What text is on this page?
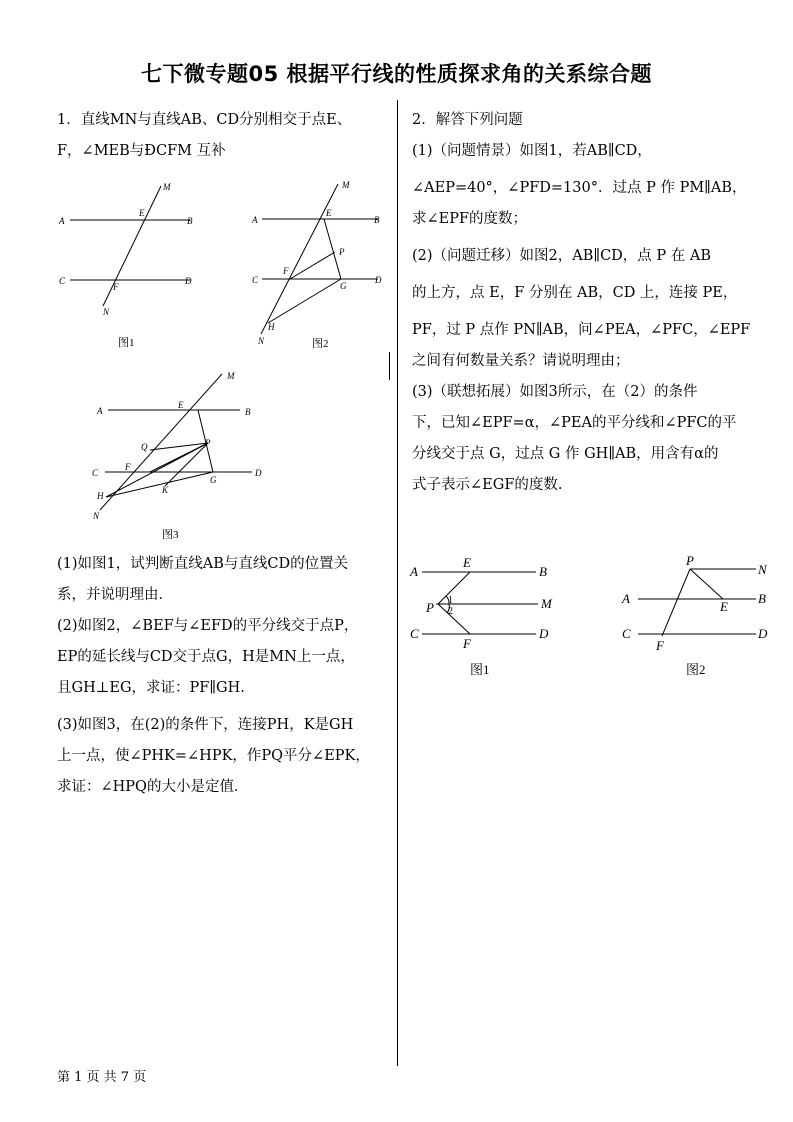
七下微专题05 根据平行线的性质探求角的关系综合题

1．直线MN与直线AB、CD分别相交于点E、

F，∠MEB与ÐCFM 互补

A	B
C	D
E
F
M
N
图1
A	B
C	D
E
F
P
G
H
M
N	图2
A	B
C	D
E
F
P
Q
G
H
K
M
N
图3

(1)如图1，试判断直线AB与直线CD的位置关

系，并说明理由．

(2)如图2，∠BEF与∠EFD的平分线交于点P，

EP的延长线与CD交于点G，H是MN上一点，

且GH⊥EG，求证：PF∥GH.

(3)如图3，在(2)的条件下，连接PH，K是GH

上一点，使∠PHK=∠HPK，作PQ平分∠EPK，

求证：∠HPQ的大小是定值．

2．解答下列问题

(1)（问题情景）如图1，若AB∥CD，

∠AEP=40°，∠PFD=130°．过点 P 作 PM∥AB，

求∠EPF的度数；

(2)（问题迁移）如图2，AB∥CD，点 P 在 AB

的上方，点 E，F 分别在 AB，CD 上，连接 PE，

PF，过 P 点作 PN∥AB，问∠PEA，∠PFC，∠EPF

之间有何数量关系？请说明理由；

(3)（联想拓展）如图3所示，在（2）的条件

下，已知∠EPF=α，∠PEA的平分线和∠PFC的平

分线交于点 G，过点 G 作 GH∥AB，用含有α的

式子表示∠EGF的度数.

A	B
E
P	M
C	D
F
1
2
图1
P
N
A
E
B
C
F
D
图2
第 1 页 共 7 页
